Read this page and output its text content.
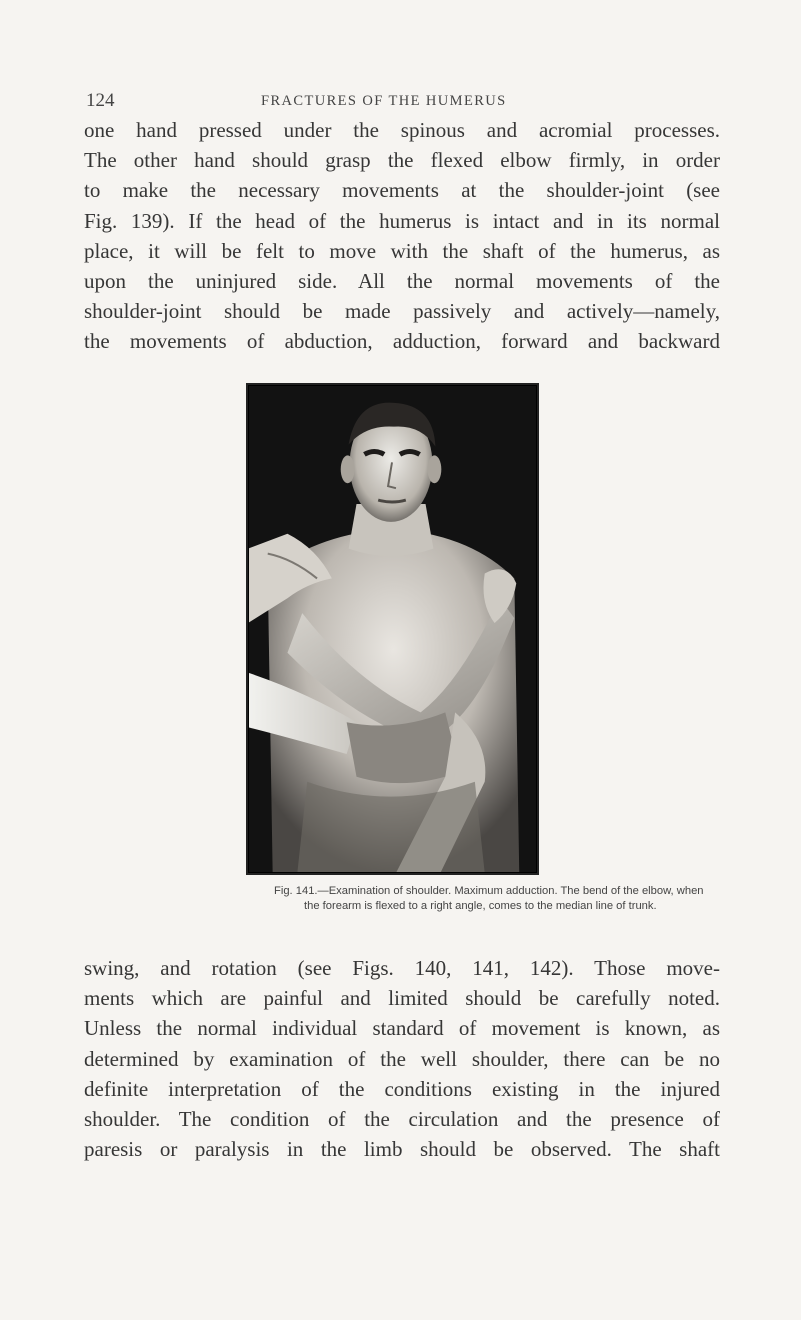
124	FRACTURES OF THE HUMERUS
one hand pressed under the spinous and acromial processes.
The other hand should grasp the flexed elbow firmly, in order
to make the necessary movements at the shoulder-joint (see
Fig. 139). If the head of the humerus is intact and in its normal
place, it will be felt to move with the shaft of the humerus, as
upon the uninjured side. All the normal movements of the
shoulder-joint should be made passively and actively—namely,
the movements of abduction, adduction, forward and backward
Fig. 141.—Examination of shoulder. Maximum adduction. The bend of the elbow, when
the forearm is flexed to a right angle, comes to the median line of trunk.
swing, and rotation (see Figs. 140, 141, 142). Those move-
ments which are painful and limited should be carefully noted.
Unless the normal individual standard of movement is known, as
determined by examination of the well shoulder, there can be no
definite interpretation of the conditions existing in the injured
shoulder. The condition of the circulation and the presence of
paresis or paralysis in the limb should be observed. The shaft
